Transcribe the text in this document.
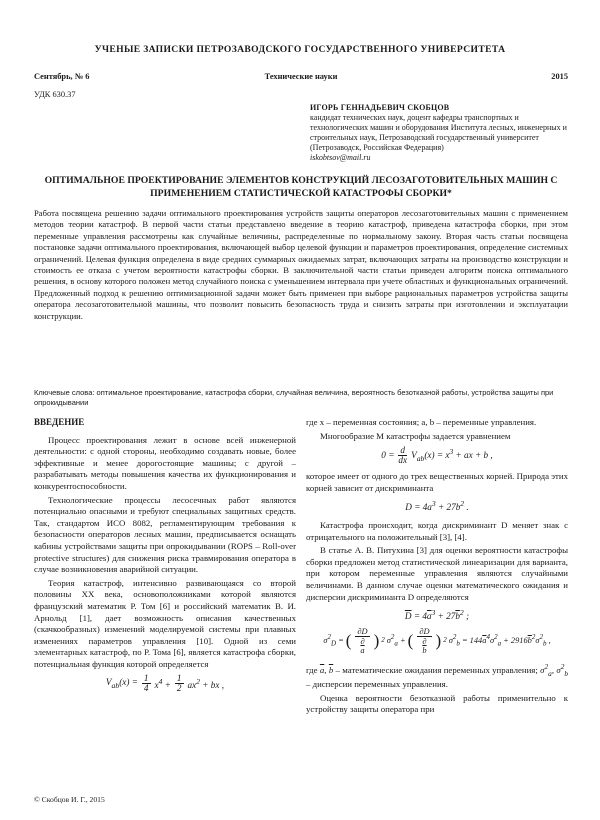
УЧЕНЫЕ ЗАПИСКИ ПЕТРОЗАВОДСКОГО ГОСУДАРСТВЕННОГО УНИВЕРСИТЕТА
Сентябрь, № 6	Технические науки	2015
УДК 630.37
ИГОРЬ ГЕННАДЬЕВИЧ СКОБЦОВ
кандидат технических наук, доцент кафедры транспортных и технологических машин и оборудования Института лесных, инженерных и строительных наук, Петрозаводский государственный университет (Петрозаводск, Российская Федерация)
iskobtsov@mail.ru
ОПТИМАЛЬНОЕ ПРОЕКТИРОВАНИЕ ЭЛЕМЕНТОВ КОНСТРУКЦИЙ ЛЕСОЗАГОТОВИТЕЛЬНЫХ МАШИН С ПРИМЕНЕНИЕМ СТАТИСТИЧЕСКОЙ КАТАСТРОФЫ СБОРКИ*
Работа посвящена решению задачи оптимального проектирования устройств защиты операторов лесозаготовительных машин с применением методов теории катастроф. В первой части статьи представлено введение в теорию катастроф, приведена катастрофа сборки, при этом переменные управления рассмотрены как случайные величины, распределенные по нормальному закону. Вторая часть статьи посвящена постановке задачи оптимального проектирования, включающей выбор целевой функции и параметров проектирования, определение системных ограничений. Целевая функция определена в виде средних суммарных ожидаемых затрат, включающих затраты на производство конструкции и стоимость ее отказа с учетом вероятности катастрофы сборки. В заключительной части статьи приведен алгоритм поиска оптимального решения, в основу которого положен метод случайного поиска с уменьшением интервала при учете областных и функциональных ограничений. Предложенный подход к решению оптимизационной задачи может быть применен при выборе рациональных параметров устройства защиты оператора лесозаготовительной машины, что позволит повысить безопасность труда и снизить затраты при изготовлении и эксплуатации конструкции.
Ключевые слова: оптимальное проектирование, катастрофа сборки, случайная величина, вероятность безотказной работы, устройства защиты при опрокидывании
ВВЕДЕНИЕ

Процесс проектирования лежит в основе всей инженерной деятельности: с одной стороны, необходимо создавать новые, более эффективные и менее дорогостоящие машины; с другой – разрабатывать методы повышения качества их функционирования и конкурентоспособности.

Технологические процессы лесосечных работ являются потенциально опасными и требуют специальных защитных средств. Так, стандартом ИСО 8082, регламентирующим требования к безопасности операторов лесных машин, предписывается оснащать кабины устройствами защиты при опрокидывании (ROPS – Roll-over protective structures) для снижения риска травмирования оператора в случае возникновения аварийной ситуации.

Теория катастроф, интенсивно развивающаяся со второй половины ХХ века, основоположниками которой являются французский математик Р. Том [6] и российский математик В. И. Арнольд [1], дает возможность описания качественных (скачкообразных) изменений моделируемой системы при плавных изменениях параметров управления [10]. Одной из семи элементарных катастроф, по Р. Тома [6], является катастрофа сборки, потенциальная функция которой определяется

$V_{ab}(x) = \frac{1}{4} x^4 + \frac{1}{2} ax^2$ + bx ,

где x – переменная состояния; a, b – переменные управления.

Многообразие M катастрофы задается уравнением

$0 = \frac{d}{dx} V_{ab}(x) = x^3$ + ax + b ,

которое имеет от одного до трех вещественных корней. Природа этих корней зависит от дискриминанта

$D = 4a^3 + 27b^2$ .

Катастрофа происходит, когда дискриминант D меняет знак с отрицательного на положительный [3], [4].

В статье А. В. Питухина [3] для оценки вероятности катастрофы сборки предложен метод статистической линеаризации для варианта, при котором переменные управления являются случайными величинами. В данном случае оценки математического ожидания и дисперсии дискриминанта D определяются

$\overline{D} = 4\overline{a}^3 + 27\overline{b}^2$ ;
$\sigma^2_D$ = ( ∂D
∂
$\overline{a}$ ) 2 $\sigma^2_a$ + ( ∂D
∂
$\overline{b}$ ) 2 $\sigma^2_b = 144\overline{a}^4\sigma^2_a + 2916\overline{b}^2\sigma^2_b$ ,

где $\overline{a}$, $\overline{b}$ – математические ожидания переменных управления; $\sigma^2_a$, $\sigma^2_b$ – дисперсии переменных управления.

Оценка вероятности безотказной работы применительно к устройству защиты оператора при

© Скобцов И. Г., 2015
